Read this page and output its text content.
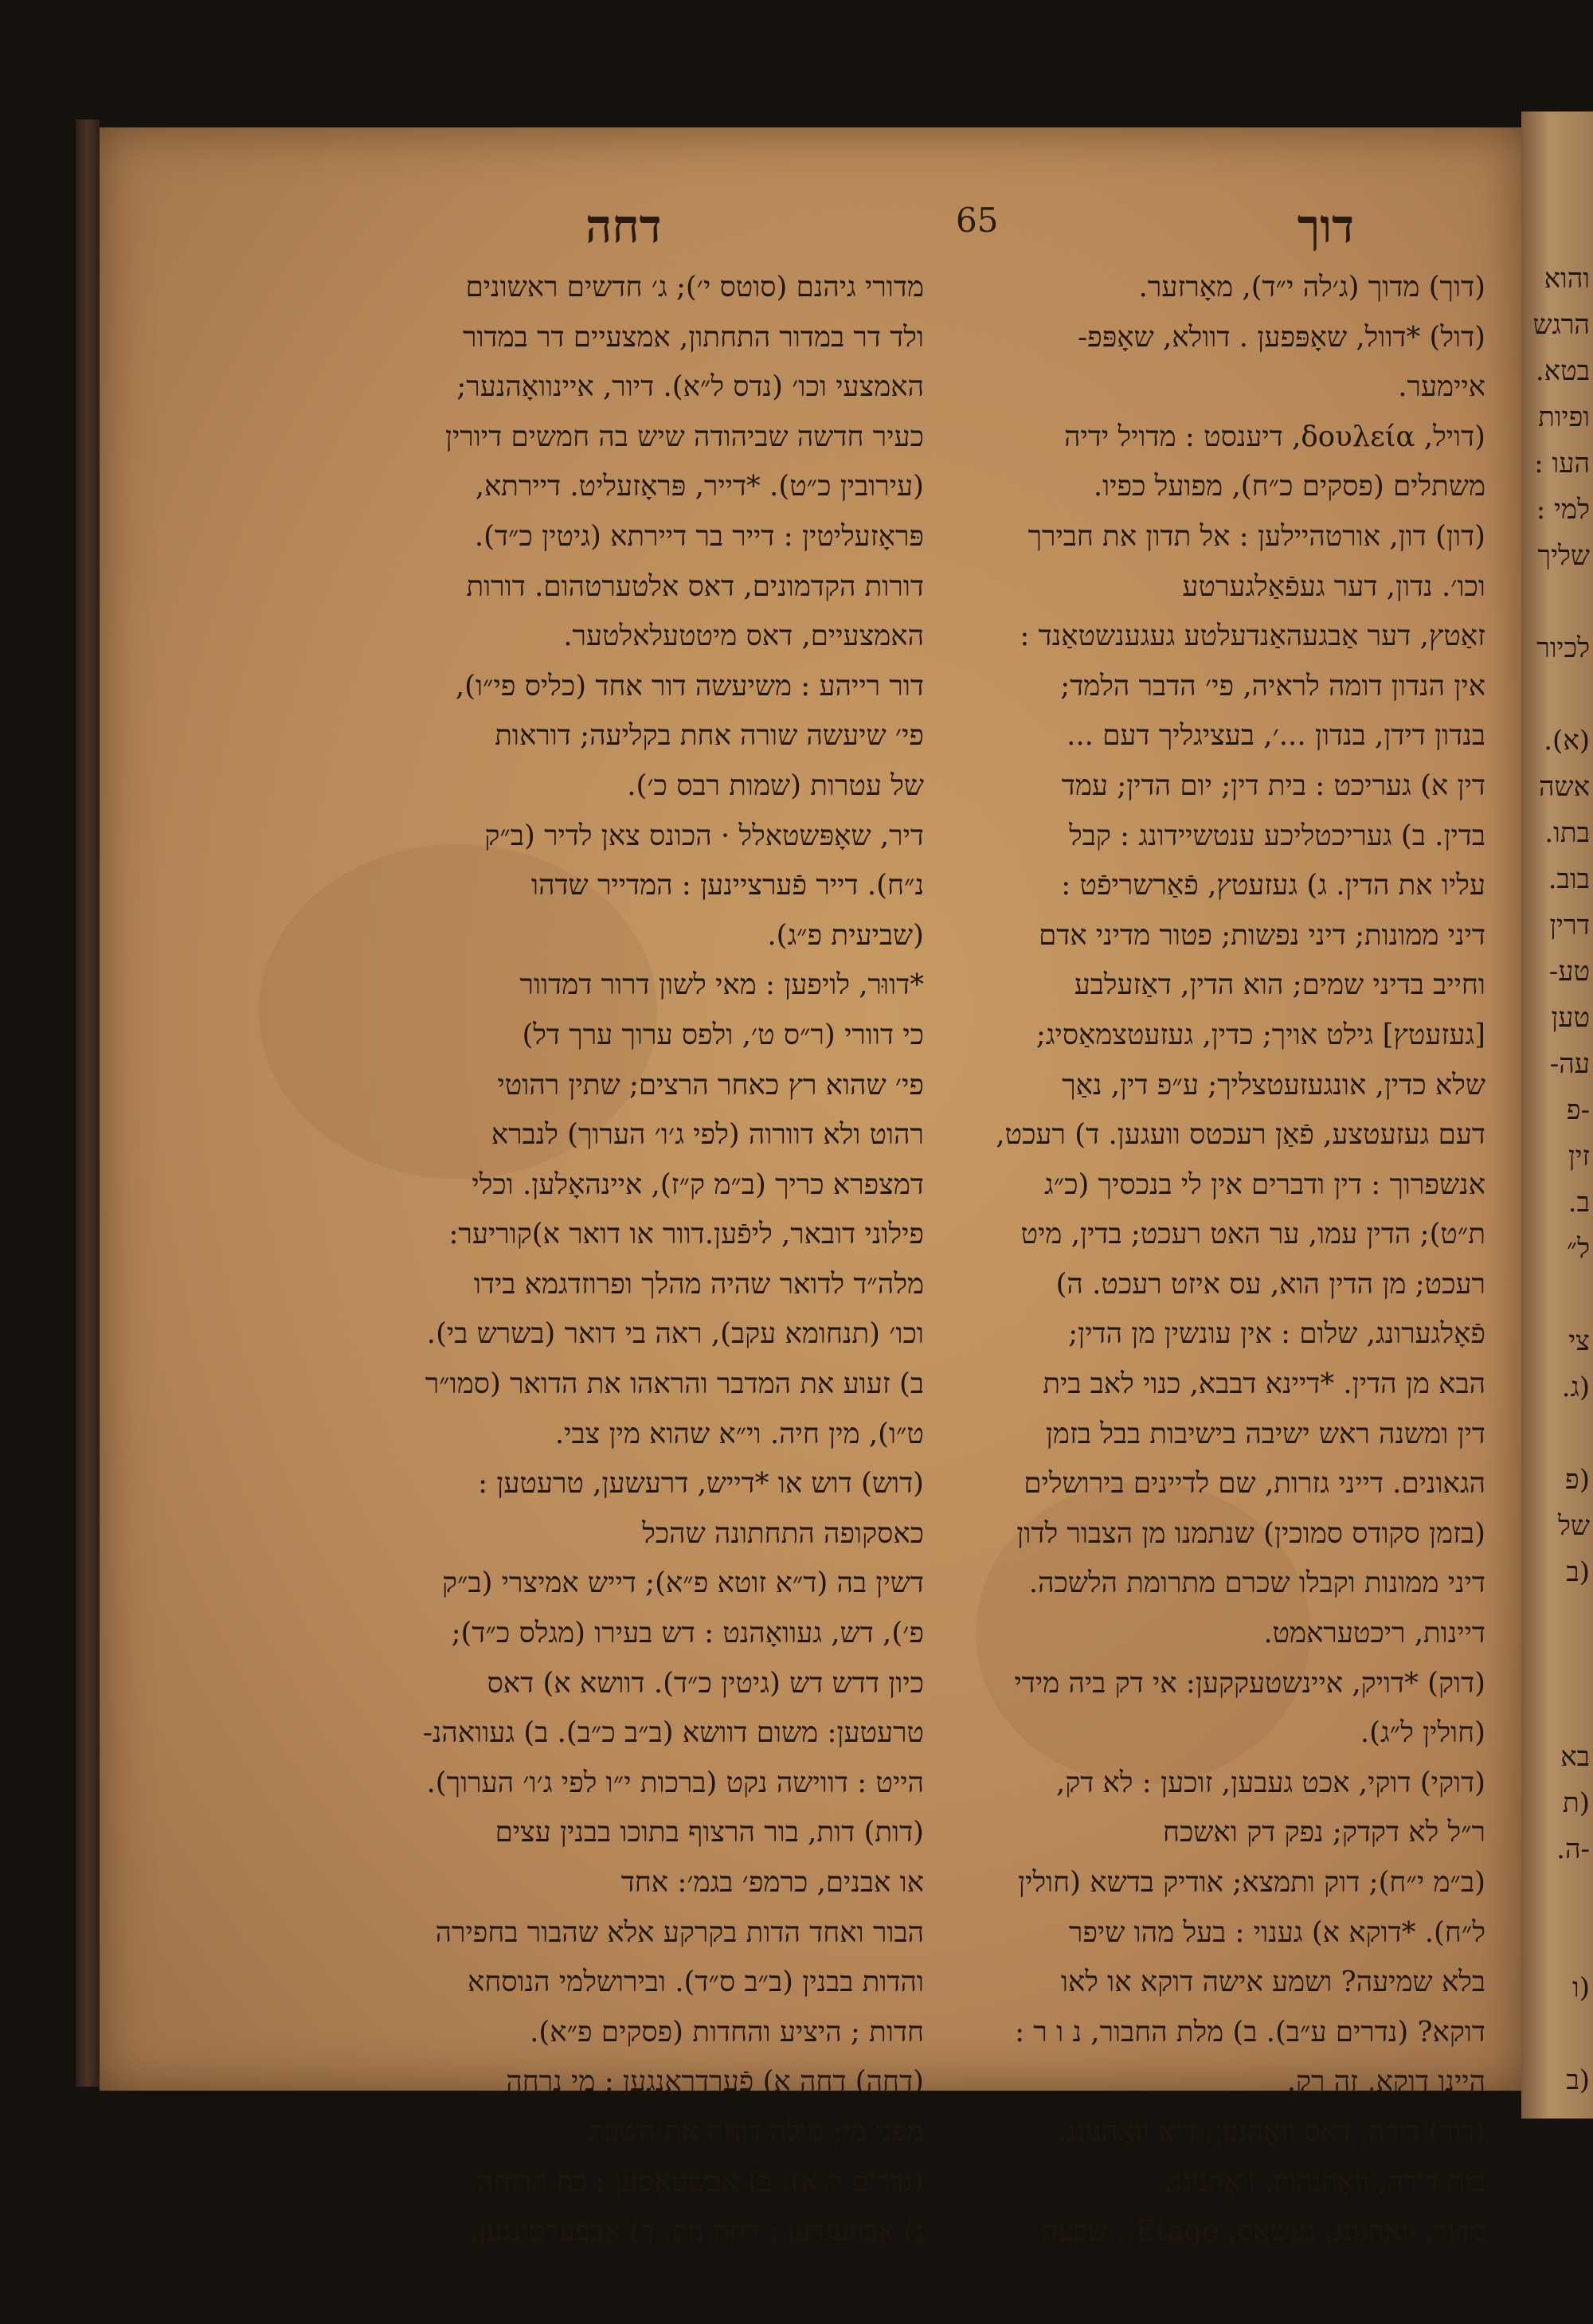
דחה	65	דוך
(דוך) מדוך (ג׳לה י״ד), מאָרזער.
(דול) *דוול, שאָפּפען . דוולא, שאָפּפ-
איימער.
(דויל, δουλεία, דיענסט : מדויל ידיה
משתלים (פסקים כ״ח), מפועל כפיו.
(דון) דון, אורטהיילען : אל תדון את חבירך
וכו׳. נדון, דער געפֿאַלגערטע
זאַטץ, דער אַבגעהאַנדעלטע געגענשטאַנד :
אין הנדון דומה לראיה, פי׳ הדבר הלמד;
בנדון דידן, בנדון ...׳, בעציגליך דעם ...
דין א) געריכט : בית דין; יום הדין; עמד
בדין. ב) געריכטליכע ענטשיידונג : קבל
עליו את הדין. ג) געזעטץ, פֿאַרשריפֿט :
דיני ממונות; דיני נפשות; פטור מדיני אדם
וחייב בדיני שמים; הוא הדין, דאַזעלבע
[געזעטץ] גילט אויך; כדין, געזעטצמאַסיג;
שלא כדין, אונגעזעטצליך; ע״פ דין, נאַך
דעם געזעטצע, פֿאַן רעכטס וועגען. ד) רעכט,
אנשפרוך : דין ודברים אין לי בנכסיך (כ״ג
ת״ט); הדין עמו, ער האט רעכט; בדין, מיט
רעכט; מן הדין הוא, עס איזט רעכט. ה)
פֿאָלגערונג, שלום : אין עונשין מן הדין;
הבא מן הדין. *דיינא דבבא, כנוי לאב בית
דין ומשנה ראש ישיבה בישיבות בבל בזמן
הגאונים. דייני גזרות, שם לדיינים בירושלים
(בזמן סקודס סמוכין) שנתמנו מן הצבור לדון
דיני ממונות וקבלו שכרם מתרומת הלשכה.
דיינות, ריכטעראמט.
(דוק) *דויק, איינשטעקקען: אי דק ביה מידי
(חולין ל״ג).
(דוקי) דוקי, אכט געבען, זוכען : לא דק,
ר״ל לא דקדק; נפק דק ואשכח
(ב״מ י״ח); דוק ותמצא; אודיק בדשא (חולין
ל״ח). *דוקא א) גענוי : בעל מהו שיפר
בלא שמיעה? ושמע אישה דוקא או לאו
דוקא? (נדרים ע״ב). ב) מלת החבור, נ ו ר :
היינו דוקא, זה רק.
(דור) דירה, דאס וואָהנען; דיא וואָהנונג.
בית דירה, וואָהנהויז, וואָהנונג.
מדור, וואָהנונג, געשאָס, Etage : שבעה
מדורי גיהנם (סוטס י׳); ג׳ חדשים ראשונים
ולד דר במדור התחתון, אמצעיים דר במדור
האמצעי וכו׳ (נדס ל״א). דיור, איינוואָהנער;
כעיר חדשה שביהודה שיש בה חמשים דיורין
(עירובין כ״ט). *דייר, פּראָזעליט. דיירתא,
פּראָזעליטין : דייר בר דיירתא (גיטין כ״ד).
דורות הקדמונים, דאס אלטערטהום. דורות
האמצעיים, דאס מיטטעלאלטער.
דור רייהע : משיעשה דור אחד (כליס פי״ו),
פי׳ שיעשה שורה אחת בקליעה; דוראות
של עטרות (שמות רבס כ׳).
דיר, שאָפּשטאלל · הכונס צאן לדיר (ב״ק
נ״ח). דייר פֿערציינען : המדייר שדהו
(שביעית פ״ג).
*דווּר, לויפען : מאי לשון דרור דמדוור
כי דוורי (ר״ס ט׳, ולפס ערוך ערך דל)
פי׳ שהוא רץ כאחר הרצים; שתין רהוטי
רהוט ולא דוורוה (לפי ג׳ו׳ הערוך) לנברא
דמצפרא כריך (ב״מ ק״ז), איינהאָלען. וכלי
פילוני דובאר, ליפֿען.דוור או דואר א)קוריער:
מלה״ד לדואר שהיה מהלך ופרוזדגמא בידו
וכו׳ (תנחומא עקב), ראה בי דואר (בשרש בי).
ב) זעוע את המדבר והראהו את הדואר (סמו״ר
ט״ו), מין חיה. וי״א שהוא מין צבי.
(דוש) דוש או *דייש, דרעשען, טרעטען :
כאסקופה התחתונה שהכל
דשין בה (ד״א זוטא פ״א); דייש אמיצרי (ב״ק
פ׳), דש, געוואָהנט : דש בעירו (מגלס כ״ד);
כיון דדש דש (גיטין כ״ד). דוושא א) דאס
טרעטען: משום דוושא (ב״ב כ״ב). ב) געוואהנ-
הייט : דווישה נקט (ברכות י״ו לפי ג׳ו׳ הערוך).
(דות) דות, בור הרצוף בתוכו בבנין עצים
או אבנים, כרמפ׳ בגמ׳: אחד
הבור ואחד הדות בקרקע אלא שהבור בחפירה
והדות בבנין (ב״ב ס״ד). ובירושלמי הנוסחא
חדות ; היציע והחדות (פסקים פ״א).
(דחה) דחה א) פֿערדראַנגען : מי נרחה
מפני מי; מילה דוחה את השבת
(נדרים ל״א). ב) אבשטאָסען : כח הרוחה.
ג) אבוועגדען : דחה נזק. ד) אַבּפֿערטינגען,
והוא
הרגש
בטא.
ופיות
העו :
למי :
שליך
לכיור
(א).
אשה
בתו.
בוב.
דרין
טע-
טען
עה-
-פ
זין
ב.
ל״
צי
(ג.
(פ
של
(ב
בא
(ת
-ה.
(ו
(ב
